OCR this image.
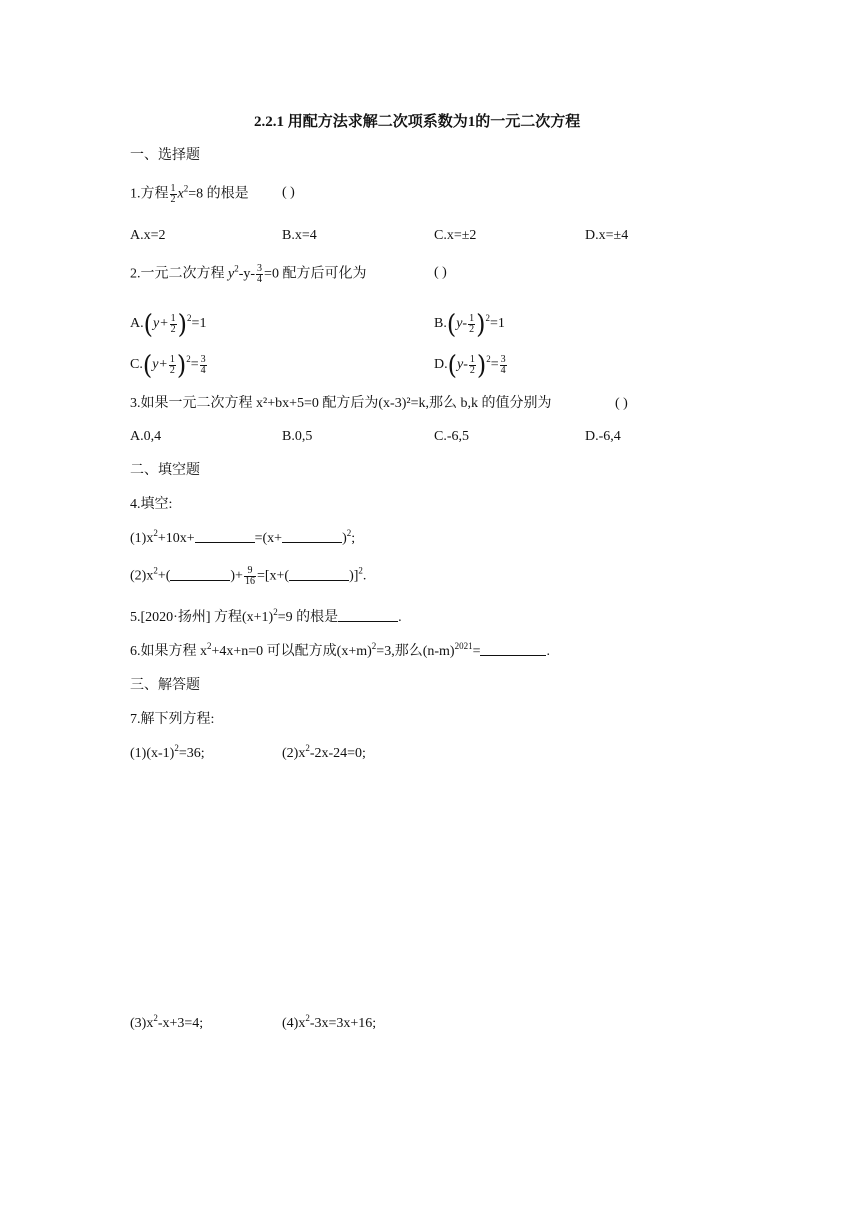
2.2.1 用配方法求解二次项系数为1的一元二次方程
一、选择题
1.方程 $\frac{1}{2} x^2=8$ 的根是 ( )
A.x=2	B.x=4	C.x=±2	D.x=±4
2.一元二次方程 $y^2-y- \frac{3}{4} =0$ 配方后可化为	( )
$A.(y+ \frac{1}{2} )^2=1$	$B.(y- \frac{1}{2} )^2=1$
$C.(y+ \frac{1}{2} )^2= \frac{3}{4}$	$D.(y- \frac{1}{2} )^2= \frac{3}{4}$
3.如果一元二次方程 x²+bx+5=0 配方后为(x-3)²=k,那么 b,k 的值分别为	( )
A.0,4	B.0,5	C.-6,5	D.-6,4
二、填空题
4.填空:
$(1)x^2+10x+$	=(x+	)$^2$;
$(2)x^2+$(	)+ $\frac{9}{16} =[x+$(	)]$^2$.
5.[2020·扬州] 方程$(x+1)^2=9$ 的根是	.
6.如果方程 $x^2+4x+n=0$ 可以配方成$(x+m)^2=3$,那么$(n-m)^{2021}=$	.
三、解答题
7.解下列方程:
$(1)(x-1)^2=36$;	$(2)x^2-2x-24=0$;
$(3)x^2-x+3=4$;	$(4)x^2-3x=3x+16$;
